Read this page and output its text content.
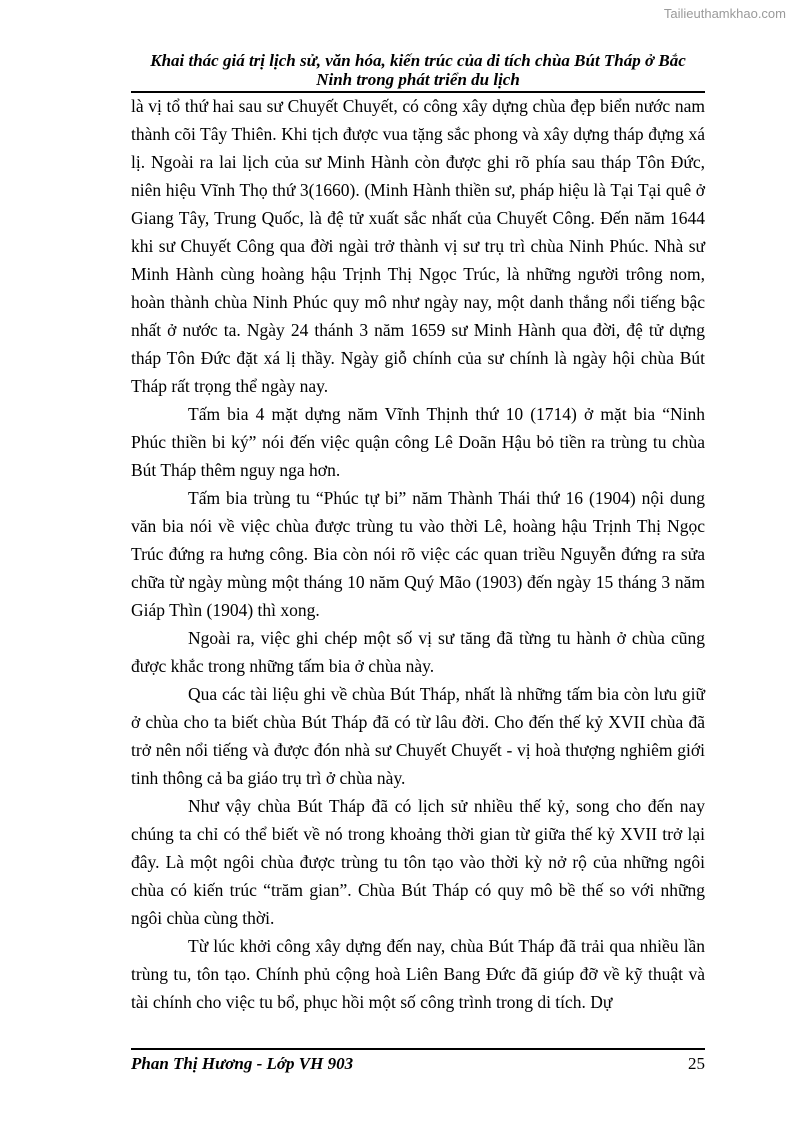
Tailieuthamkhao.com
Khai thác giá trị lịch sử, văn hóa, kiến trúc của di tích chùa Bút Tháp ở Bắc Ninh trong phát triển du lịch

là vị tổ thứ hai sau sư Chuyết Chuyết, có công xây dựng chùa đẹp biển nước nam thành cõi Tây Thiên. Khi tịch được vua tặng sắc phong và xây dựng tháp đựng xá lị. Ngoài ra lai lịch của sư Minh Hành còn được ghi rõ phía sau tháp Tôn Đức, niên hiệu Vĩnh Thọ thứ 3(1660). (Minh Hành thiền sư, pháp hiệu là Tại Tại quê ở Giang Tây, Trung Quốc, là đệ tử xuất sắc nhất của Chuyết Công. Đến năm 1644 khi sư Chuyết Công qua đời ngài trở thành vị sư trụ trì chùa Ninh Phúc. Nhà sư Minh Hành cùng hoàng hậu Trịnh Thị Ngọc Trúc, là những người trông nom, hoàn thành chùa Ninh Phúc quy mô như ngày nay, một danh thắng nổi tiếng bậc nhất ở nước ta. Ngày 24 thánh 3 năm 1659 sư Minh Hành qua đời, đệ tử dựng tháp Tôn Đức đặt xá lị thầy. Ngày giỗ chính của sư chính là ngày hội chùa Bút Tháp rất trọng thể ngày nay.

Tấm bia 4 mặt dựng năm Vĩnh Thịnh thứ 10 (1714) ở mặt bia “Ninh Phúc thiền bi ký” nói đến việc quận công Lê Doãn Hậu bỏ tiền ra trùng tu chùa Bút Tháp thêm nguy nga hơn.

Tấm bia trùng tu “Phúc tự bi” năm Thành Thái thứ 16 (1904) nội dung văn bia nói về việc chùa được trùng tu vào thời Lê, hoàng hậu Trịnh Thị Ngọc Trúc đứng ra hưng công. Bia còn nói rõ việc các quan triều Nguyễn đứng ra sửa chữa từ ngày mùng một tháng 10 năm Quý Mão (1903) đến ngày 15 tháng 3 năm Giáp Thìn (1904) thì xong.

Ngoài ra, việc ghi chép một số vị sư tăng đã từng tu hành ở chùa cũng được khắc trong những tấm bia ở chùa này.

Qua các tài liệu ghi về chùa Bút Tháp, nhất là những tấm bia còn lưu giữ ở chùa cho ta biết chùa Bút Tháp đã có từ lâu đời. Cho đến thế kỷ XVII chùa đã trở nên nổi tiếng và được đón nhà sư Chuyết Chuyết - vị hoà thượng nghiêm giới tinh thông cả ba giáo trụ trì ở chùa này.

Như vậy chùa Bút Tháp đã có lịch sử nhiều thế kỷ, song cho đến nay chúng ta chỉ có thể biết về nó trong khoảng thời gian từ giữa thế kỷ XVII trở lại đây. Là một ngôi chùa được trùng tu tôn tạo vào thời kỳ nở rộ của những ngôi chùa có kiến trúc “trăm gian”. Chùa Bút Tháp có quy mô bề thế so với những ngôi chùa cùng thời.

Từ lúc khởi công xây dựng đến nay, chùa Bút Tháp đã trải qua nhiều lần trùng tu, tôn tạo. Chính phủ cộng hoà Liên Bang Đức đã giúp đỡ về kỹ thuật và tài chính cho việc tu bổ, phục hồi một số công trình trong di tích. Dự

Phan Thị Hương - Lớp VH 903	25
